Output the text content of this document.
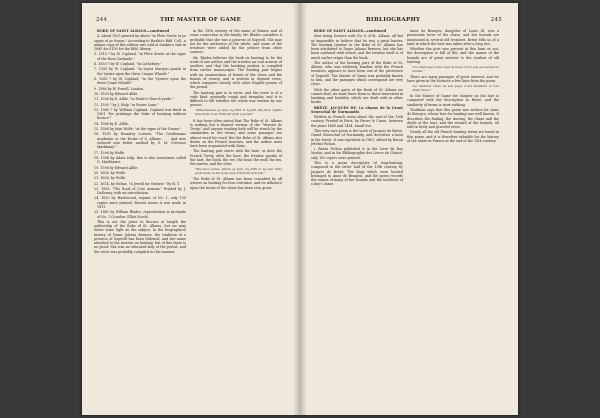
244	THE MASTER OF GAME

BOKE OF SAINT ALBANS—continued

4. About 1505 printed by above "in Flete Strete at ye sygne of ye Sonne." According to Hazlitt's Bibl. Coll., a unique copy of this edition was sold at Dunkin's sale in 1880 for £100 for the Bibl. library.

5. 1510 ? by W. Copland, "in Flete Strete at the signe of the Rose Garlande."

6. 1550 ? by W. Copland, "in Lothebury."

7. 1550 by W. Copland, "in Saynt Martyns parish in the Vyntre upon the three Crayne Wharfe."

8. 1560 ? by W. Copland, "in the Vyntree upon the three Crane Wharfe."

9. 1586 by W. Powell, London.

10. 1595 by Edward Allde.

11. 1596 by E. Allde, "in Paule's Church yarde."

12. 1595 ? by J. Waly, "in Foster Lane."

13. 1560 ? by William Copland. Copland was fined in 1561 "for printinge the boke of huntyng without licence."

14. 1586 by E. Allde.

15. 1586 by John Wolfe, "at the signe of the Gunne."

16. 1595 by Humfrey Lownes, "The Gentlemans Academie or the Booke of S. Albans . . . And now reduced into better method by G. M. (Gervase Markham)."

17. 1596 by Wolfe.

18. 1596 by Adam Islip; this is also sometimes called G. Markham's.

19. 1596 by Edward Allde.

20. 1600, by Wolfe.

21. 1606, by Wolfe.

22. 1614, by Helme. "A Jewell for Gentrie." By R. T.

23. 1595. "The Book of Cote Armour." Printed by J. Dalloway, with an introduction.

24. 1810 by Haslewood, reprint of No. 1, only 150 copies were printed. Recent issues it was made in 1811.

25. 1881 by William Blades, reproduction in facsimile of No. 1 (London: Elliot Stock).

This is not the place to discuss at length the authorship of the Boke of St. Albans, but we may throw some light on the subject. In the biographical history of Dame Juliana Berners, the tradition of a prioress of Sopwell has been followed, and her name attached to the treatise on hunting, but of this there is no proof. She was an educated lady of the period, and the verse was probably compiled in this manner.

in the 15th century of the name of Barnes and of some connection to the family. Mr. Blades considers it probable that she was a prioress of Sopwell. She may not be the authoress of the whole, and some of the treatises were added by the printer from other sources.

Mr. Blades believes the book on hunting to be the work of one author, and the treatise on coat armour of another, and that the hawking portion is compiled from earlier manuscripts. The hunting part begins with an enumeration of beasts of the chase and the beasts of venery, and is written in rhymed verse, which compares closely with other English poems of the period.

The hunting part is in verse, and the verse is of a rude kind, generally rough and irregular, and it is difficult to tell whether the whole was written by one person.

"Wheresoever ye fare, by frith or by fell, My dere chylde take hede how Tristram doth you tell."

It has been often stated that The Boke of St. Albans is nothing but a rhymed version of the "Venerie de Twety," and anyone reading both will be struck by the similarities in the terms, and some passages are almost word for word. But the Boke of St. Albans also draws on the French treatises, and the author must have been acquainted with them.

The hunting part starts with the hare, as does the French Twety, after the hare, the treatise speaks of the hart, the buck, the roe, the boar, the wolf, the fox, the martin, and the otter.

"My dere sones, where ye fare, by frith or by fell, Take good hede in his tyme how Tristram woll tell."

The Boke of St. Albans has been consulted by all writers on hunting for four centuries, and its influence upon the terms of the chase has been very great.

BIBLIOGRAPHY	245

BOKE OF SAINT ALBANS—continued

then doing Science with No. 8 of St. Albans, all but as impossible to believe that he was a great hunter. The hunting treatise in the Boke of St. Albans has been attributed to Dame Juliana Berners, but she has been confused with others, and the treatise itself is of much earlier origin than the book.

The author of the hunting part of the Boke of St. Albans, who was evidently familiar with the French treatises, appears to have been one of the prioresses of Sopwell. The Master of Game was probably known to him, and the passages which correspond are very close.

With the other parts of the Book of St. Albans we cannot deal; we must leave them to those interested in hawking and heraldry, which are dealt with in other books.

BRÉZÉ, JACQUES DE. La chasse de la Grant Seneschal de Normandie.

Written in French verse about the end of the 15th century. Printed in Paris, by Pierre le Caron, between the years 1489 and 1494. Small 8vo.

This very rare poem is the work of Jacques de Brézé, Grand Seneschal of Normandy, and describes a hunt in the forest. It was reprinted in 1861, edited by Baron Jérôme Pichon.

i. Baron Pichon published it in the Livre du Roy Modus, and in his Bibliographie des Livres de Chasse, only 100 copies were printed.

This is a poem descriptive of stag-hunting, composed in the latter half of the 15th century by Jacques de Brézé. The dogs which were hunted belonged to Anne de Beaujeu, and the poem records the names of many of her hounds and the incidents of a day's chase.

Anne de Beaujeu, daughter of Louis XI, was a passionate lover of the chase, and her hounds are mentioned in several old treatises. Brézé tells us of a hunt in which the hart was taken after a long run.

Whether the poet was present at this hunt or not, the description is full of life, and the names of the hounds are of great interest to the student of old hunting.

"Ce chien que vous voyez si beau, Il n'a pas son pareil au monde."

There are many passages of great interest, and we have given in the footnote a few lines from the poem.

"Le meilleur chien de son pays, C'est Souillart, le bon chien blanc."

In the Master of Game the chapter on the hart is compared with the description in Brézé, and the similarity of terms is most striking.

Tradition says that this poem was written for Anne de Beaujeu, whose love for hunting was well known. It describes the finding, the moving, the chase and the death of the hart, and the reward of the hounds, all told in lively and graceful verse.

Nearly all the old French hunting terms are found in this poem, and it is therefore valuable for the history of the chase in France at the end of the 15th century.
